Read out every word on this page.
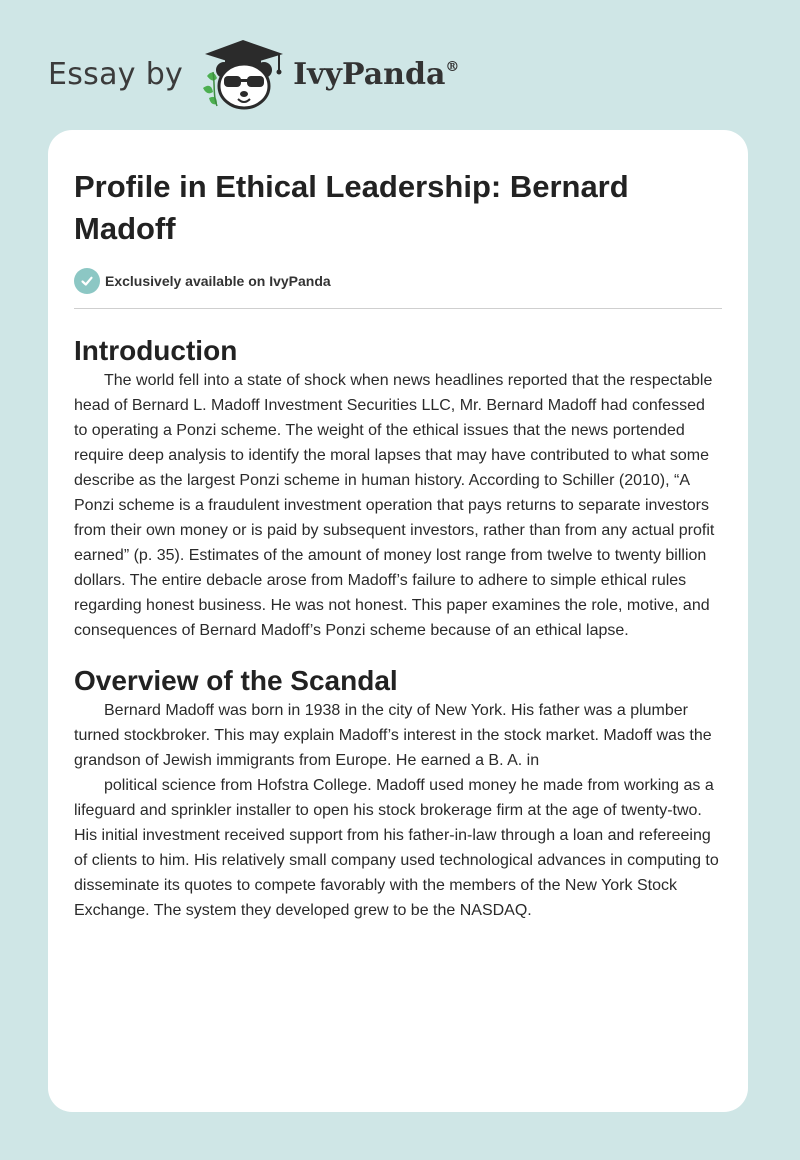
Essay by	IvyPanda®
Profile in Ethical Leadership: Bernard Madoff
Exclusively available on IvyPanda
Introduction

The world fell into a state of shock when news headlines reported that the respectable head of Bernard L. Madoff Investment Securities LLC, Mr. Bernard Madoff had confessed to operating a Ponzi scheme. The weight of the ethical issues that the news portended require deep analysis to identify the moral lapses that may have contributed to what some describe as the largest Ponzi scheme in human history. According to Schiller (2010), “A Ponzi scheme is a fraudulent investment operation that pays returns to separate investors from their own money or is paid by subsequent investors, rather than from any actual profit earned” (p. 35). Estimates of the amount of money lost range from twelve to twenty billion dollars. The entire debacle arose from Madoff’s failure to adhere to simple ethical rules regarding honest business. He was not honest. This paper examines the role, motive, and consequences of Bernard Madoff’s Ponzi scheme because of an ethical lapse.

Overview of the Scandal

Bernard Madoff was born in 1938 in the city of New York. His father was a plumber turned stockbroker. This may explain Madoff’s interest in the stock market. Madoff was the grandson of Jewish immigrants from Europe. He earned a B. A. in

political science from Hofstra College. Madoff used money he made from working as a lifeguard and sprinkler installer to open his stock brokerage firm at the age of twenty-two. His initial investment received support from his father-in-law through a loan and refereeing of clients to him. His relatively small company used technological advances in computing to disseminate its quotes to compete favorably with the members of the New York Stock Exchange. The system they developed grew to be the NASDAQ.
